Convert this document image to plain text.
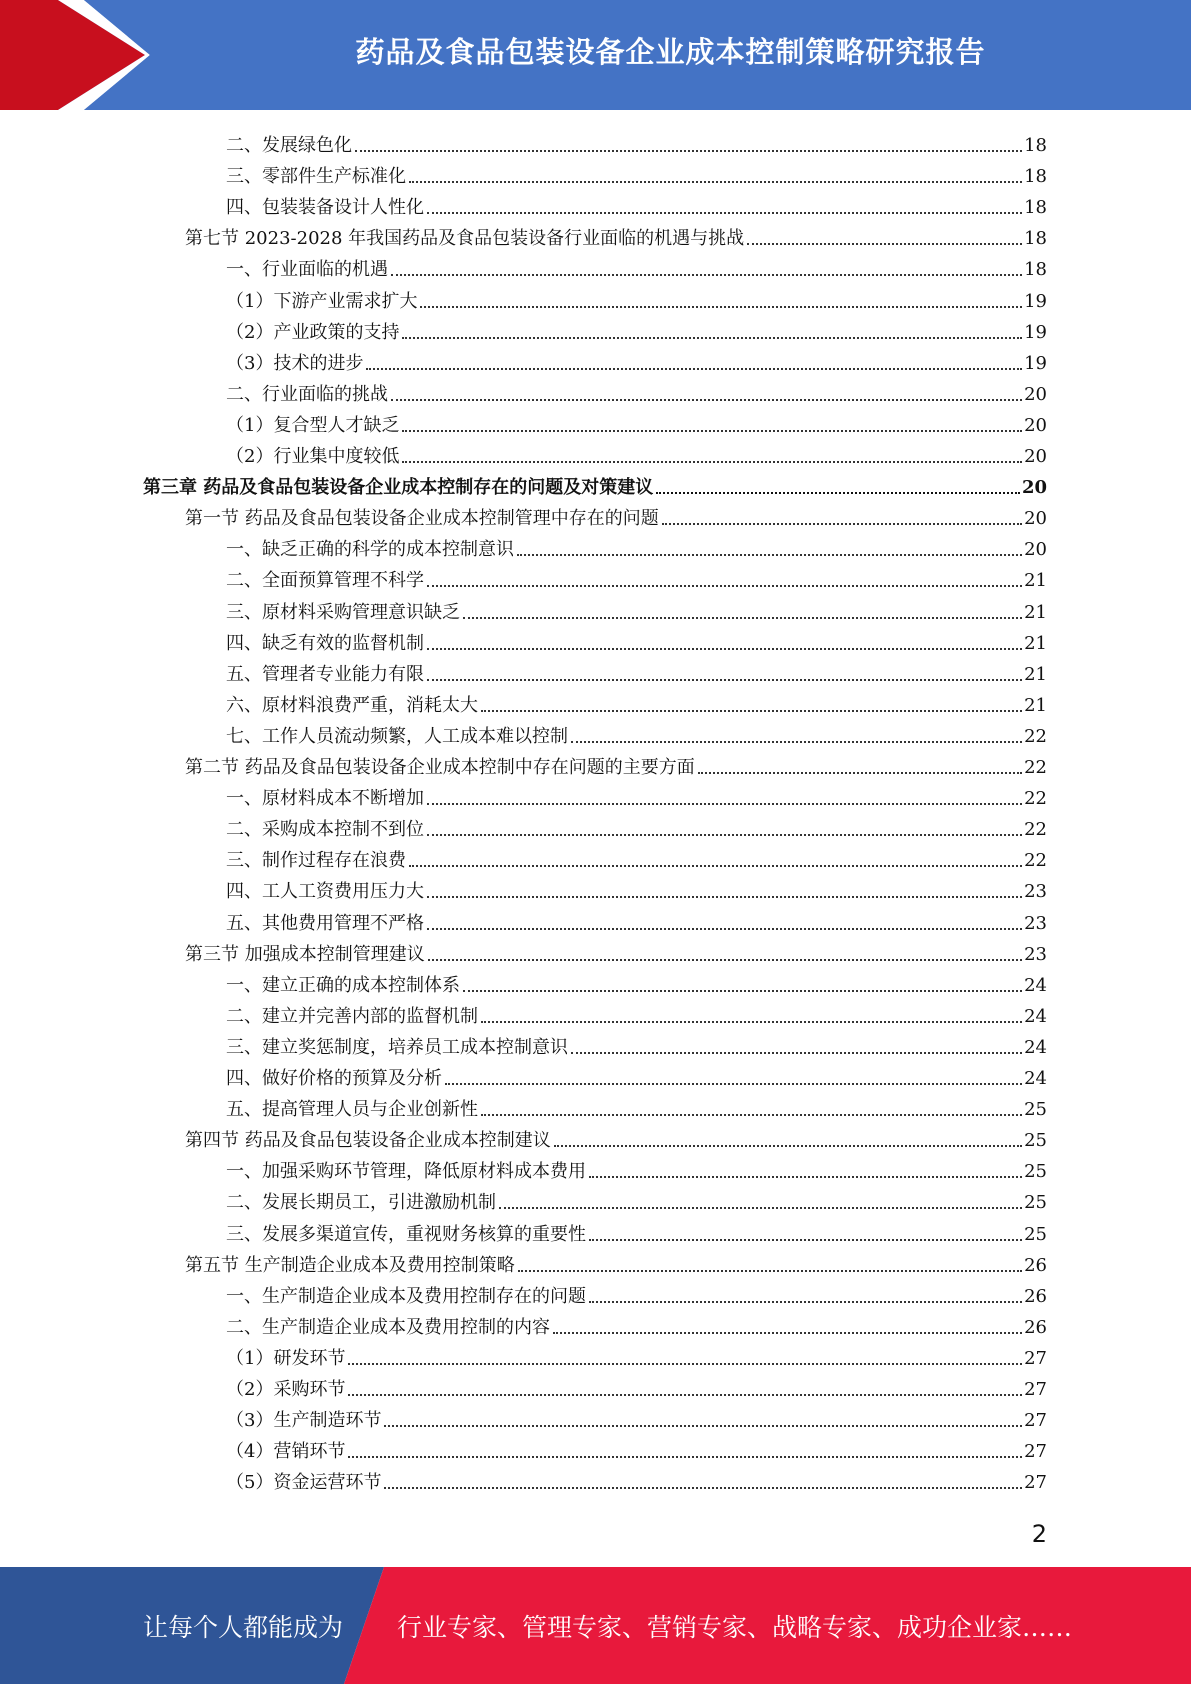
药品及食品包装设备企业成本控制策略研究报告
二、发展绿色化	18
三、零部件生产标准化	18
四、包装装备设计人性化	18
第七节 2023-2028 年我国药品及食品包装设备行业面临的机遇与挑战	18
一、行业面临的机遇	18
（1）下游产业需求扩大	19
（2）产业政策的支持	19
（3）技术的进步	19
二、行业面临的挑战	20
（1）复合型人才缺乏	20
（2）行业集中度较低	20
第三章 药品及食品包装设备企业成本控制存在的问题及对策建议	20
第一节 药品及食品包装设备企业成本控制管理中存在的问题	20
一、缺乏正确的科学的成本控制意识	20
二、全面预算管理不科学	21
三、原材料采购管理意识缺乏	21
四、缺乏有效的监督机制	21
五、管理者专业能力有限	21
六、原材料浪费严重，消耗太大	21
七、工作人员流动频繁，人工成本难以控制	22
第二节 药品及食品包装设备企业成本控制中存在问题的主要方面	22
一、原材料成本不断增加	22
二、采购成本控制不到位	22
三、制作过程存在浪费	22
四、工人工资费用压力大	23
五、其他费用管理不严格	23
第三节 加强成本控制管理建议	23
一、建立正确的成本控制体系	24
二、建立并完善内部的监督机制	24
三、建立奖惩制度，培养员工成本控制意识	24
四、做好价格的预算及分析	24
五、提高管理人员与企业创新性	25
第四节 药品及食品包装设备企业成本控制建议	25
一、加强采购环节管理，降低原材料成本费用	25
二、发展长期员工，引进激励机制	25
三、发展多渠道宣传，重视财务核算的重要性	25
第五节 生产制造企业成本及费用控制策略	26
一、生产制造企业成本及费用控制存在的问题	26
二、生产制造企业成本及费用控制的内容	26
（1）研发环节	27
（2）采购环节	27
（3）生产制造环节	27
（4）营销环节	27
（5）资金运营环节	27
2
让每个人都能成为 行业专家、管理专家、营销专家、战略专家、成功企业家……
